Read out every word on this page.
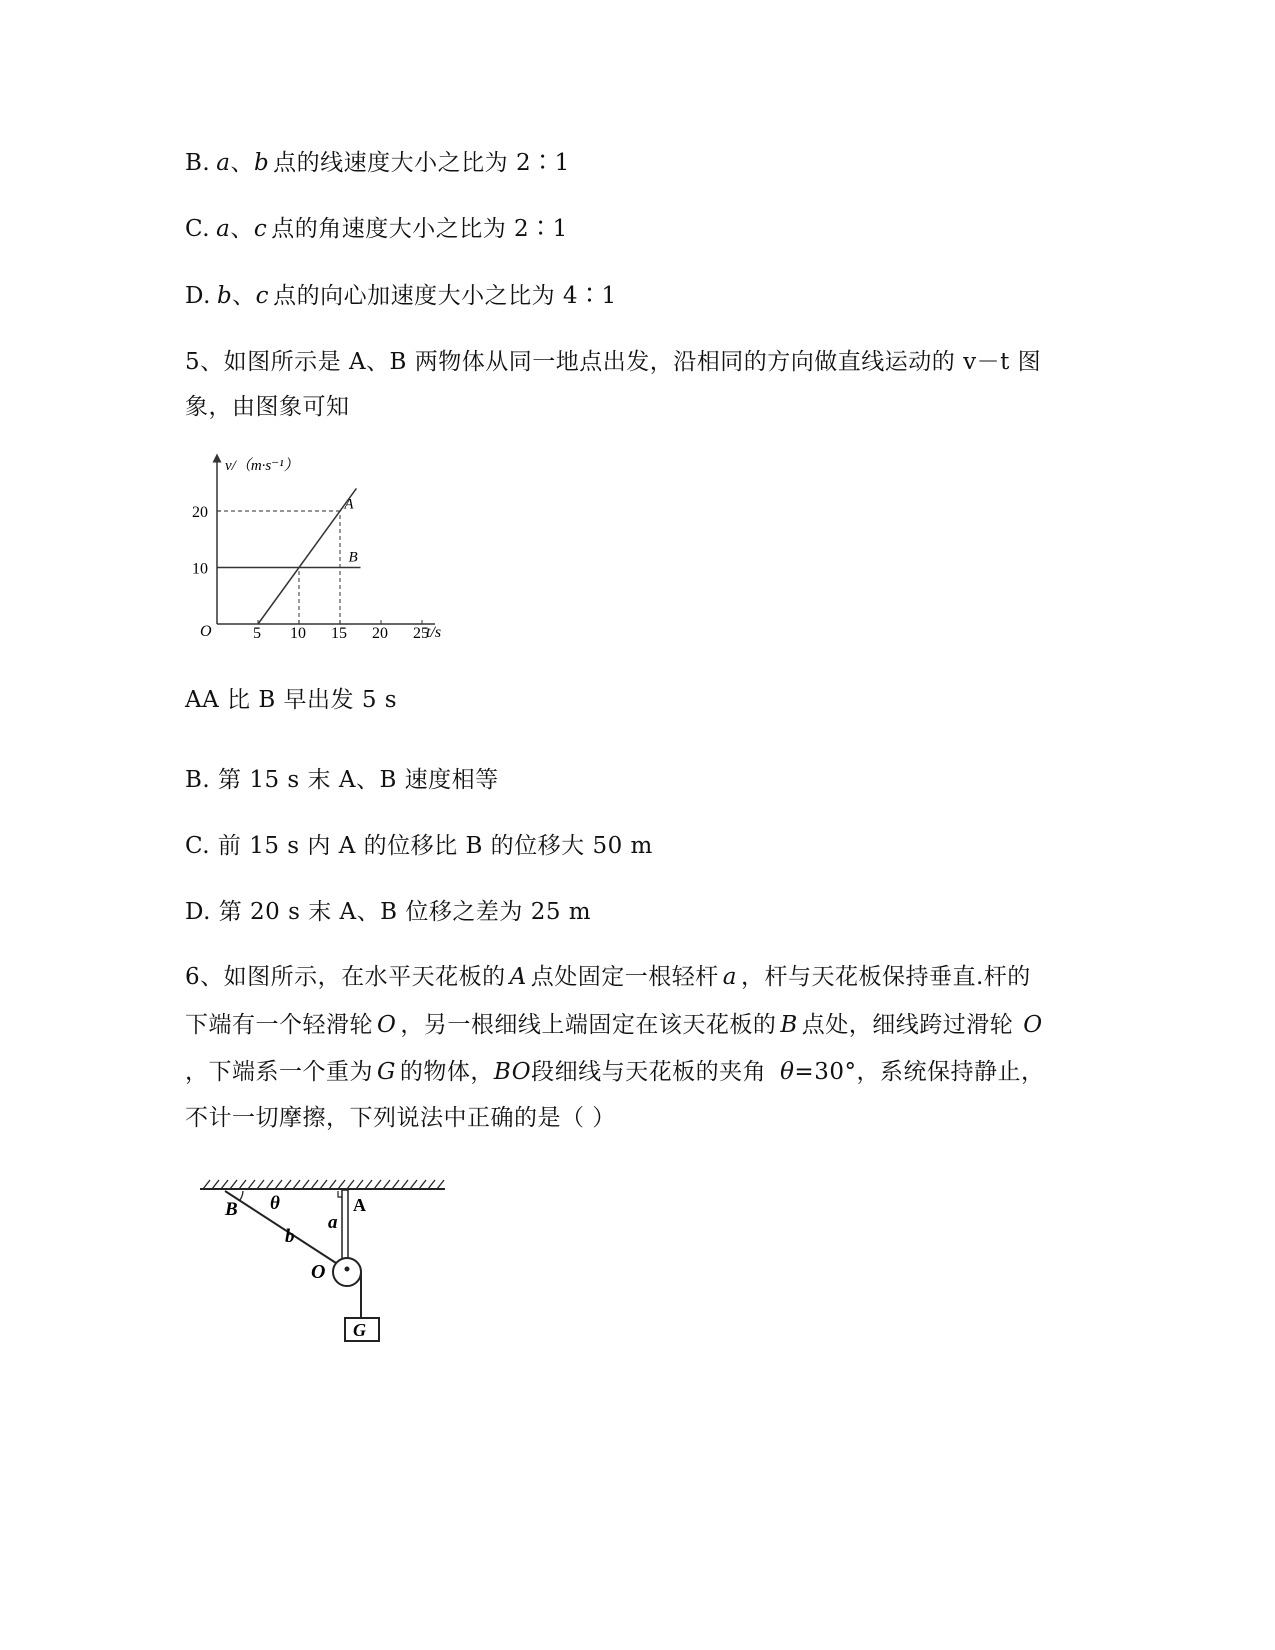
B. a、b 点的线速度大小之比为 2∶1
C. a、c 点的角速度大小之比为 2∶1
D. b、c 点的向心加速度大小之比为 4∶1
5、如图所示是 A、B 两物体从同一地点出发，沿相同的方向做直线运动的 v－t 图
象，由图象可知
A
B
5 10 15 20 25
10
20
v/（m·s⁻¹）
O	t/s
AA 比 B 早出发 5 s
B. 第 15 s 末 A、B 速度相等
C. 前 15 s 内 A 的位移比 B 的位移大 50 m
D. 第 20 s 末 A、B 位移之差为 25 m
6、如图所示，在水平天花板的 A 点处固定一根轻杆 a ，杆与天花板保持垂直.杆的
下端有一个轻滑轮 O ，另一根细线上端固定在该天花板的 B 点处，细线跨过滑轮 O
，下端系一个重为 G 的物体，BO段细线与天花板的夹角 θ=30°，系统保持静止，
不计一切摩擦，下列说法中正确的是（ ）
B θ	A
a
b
O
G
